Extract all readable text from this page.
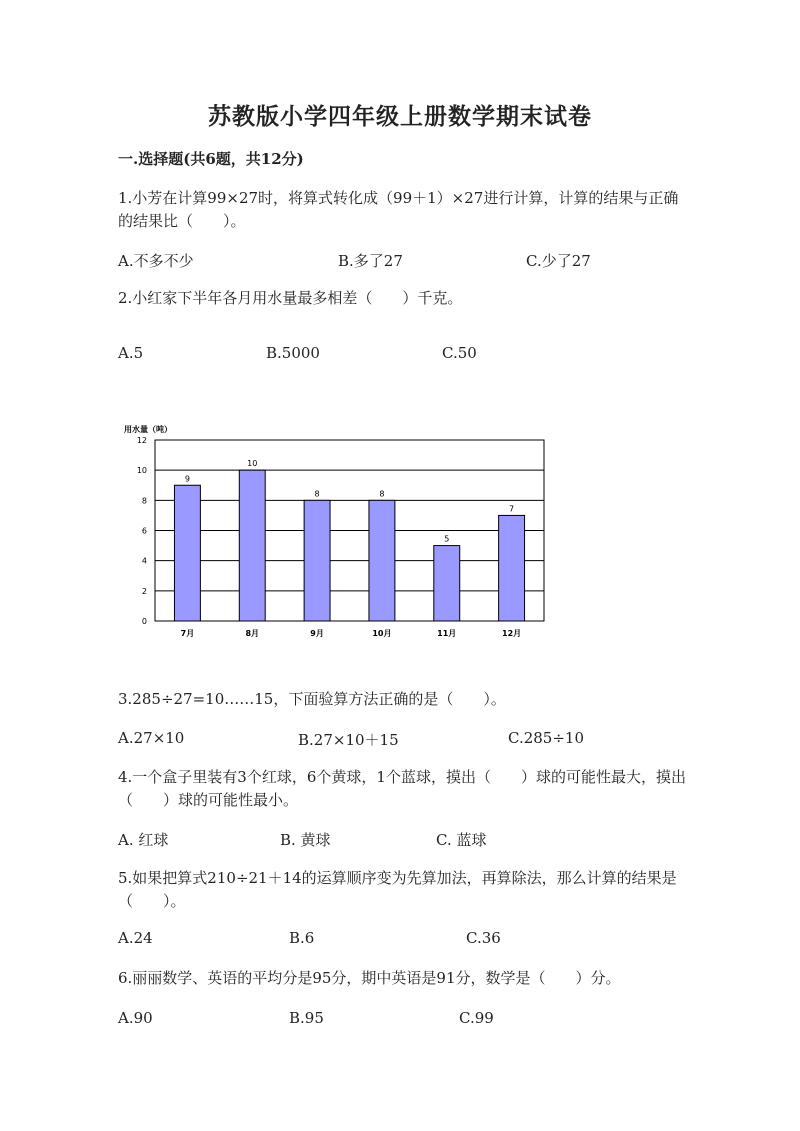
苏教版小学四年级上册数学期末试卷
一.选择题(共6题，共12分)
1.小芳在计算99×27时，将算式转化成（99＋1）×27进行计算，计算的结果与正确的结果比（　　）。
A.不多不少	B.多了27	C.少了27
2.小红家下半年各月用水量最多相差（　　）千克。
A.5	B.5000	C.50
用水量（吨）
9
10
8	8
5
7
0
2
4
6
8
10
12
7月	8月	9月	10月	11月	12月
3.285÷27=10……15，下面验算方法正确的是（　　）。
A.27×10	B.27×10＋15	C.285÷10
4.一个盒子里装有3个红球，6个黄球，1个蓝球，摸出（　　）球的可能性最大，摸出（　　）球的可能性最小。
A. 红球	B. 黄球	C. 蓝球
5.如果把算式210÷21＋14的运算顺序变为先算加法，再算除法，那么计算的结果是（　　）。
A.24	B.6	C.36
6.丽丽数学、英语的平均分是95分，期中英语是91分，数学是（　　）分。
A.90	B.95	C.99
